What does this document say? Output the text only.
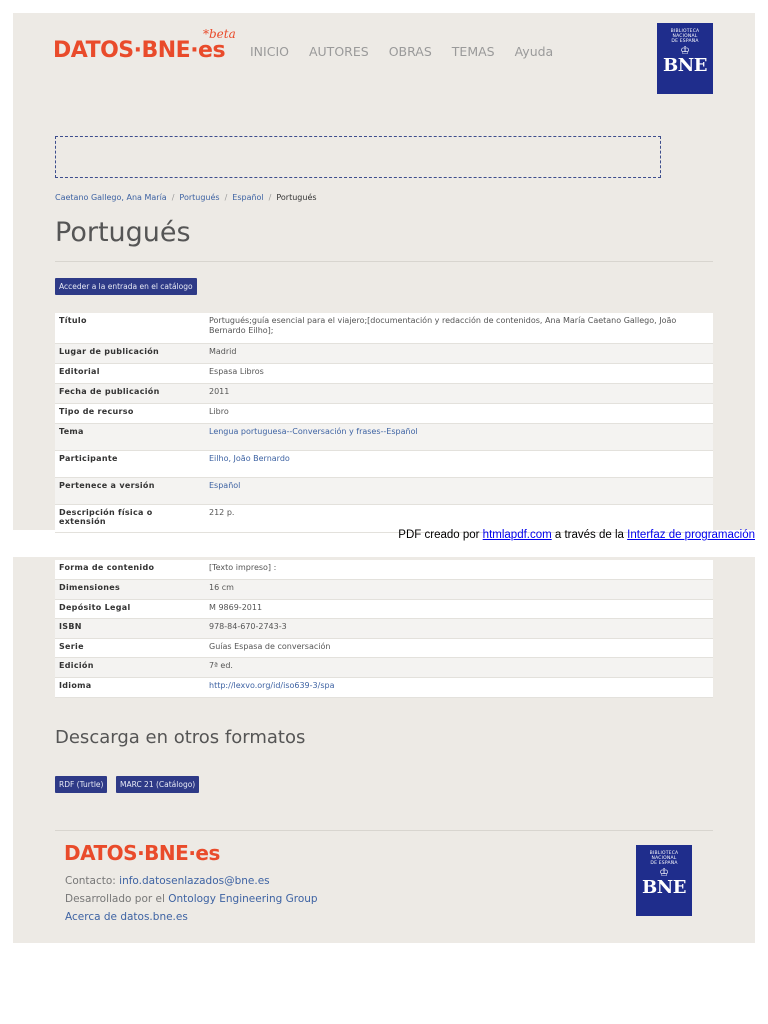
DATOS·BNE·es
*beta
INICIO AUTORES OBRAS TEMAS Ayuda
BIBLIOTECA
NACIONAL
DE ESPAÑA
♔
BNE
Caetano Gallego, Ana María / Portugués / Español / Portugués
Portugués
Acceder a la entrada en el catálogo
Título	Portugués;guía esencial para el viajero;[documentación y redacción de contenidos, Ana María Caetano Gallego, João Bernardo Eilho];
Lugar de publicación	Madrid
Editorial	Espasa Libros
Fecha de publicación	2011
Tipo de recurso	Libro
Tema	Lengua portuguesa--Conversación y frases--Español
Participante	Eilho, João Bernardo
Pertenece a versión	Español
Descripción física o extensión	212 p.
PDF creado por htmlapdf.com a través de la Interfaz de programación
Forma de contenido	[Texto impreso] :
Dimensiones	16 cm
Depósito Legal	M 9869-2011
ISBN	978-84-670-2743-3
Serie	Guías Espasa de conversación
Edición	7ª ed.
Idioma	http://lexvo.org/id/iso639-3/spa
Descarga en otros formatos
RDF (Turtle)	MARC 21 (Catálogo)
DATOS·BNE·es
Contacto: info.datosenlazados@bne.es
Desarrollado por el Ontology Engineering Group
Acerca de datos.bne.es
BIBLIOTECA
NACIONAL
DE ESPAÑA
♔
BNE
